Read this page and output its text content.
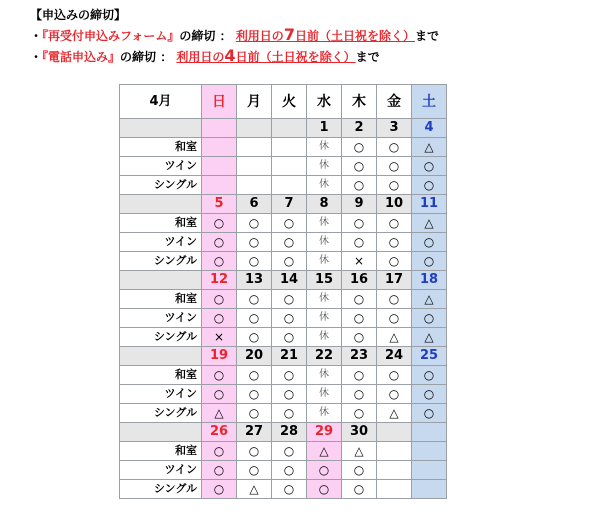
【申込みの締切】
・『再受付申込みフォーム』の締切 ： 利用日の7日前（土日祝を除く）まで
・『電話申込み』の締切 ： 利用日の4日前（土日祝を除く）まで
4月	日	月	火	水	木	金	土
				1	2	3	4
和室				休	○	○	△
ツイン				休	○	○	○
シングル				休	○	○	○
	5	6	7	8	9	10	11
和室	○	○	○	休	○	○	△
ツイン	○	○	○	休	○	○	○
シングル	○	○	○	休	×	○	○
	12	13	14	15	16	17	18
和室	○	○	○	休	○	○	△
ツイン	○	○	○	休	○	○	○
シングル	×	○	○	休	○	△	△
	19	20	21	22	23	24	25
和室	○	○	○	休	○	○	○
ツイン	○	○	○	休	○	○	○
シングル	△	○	○	休	○	△	○
	26	27	28	29	30		
和室	○	○	○	△	△		
ツイン	○	○	○	○	○		
シングル	○	△	○	○	○		
